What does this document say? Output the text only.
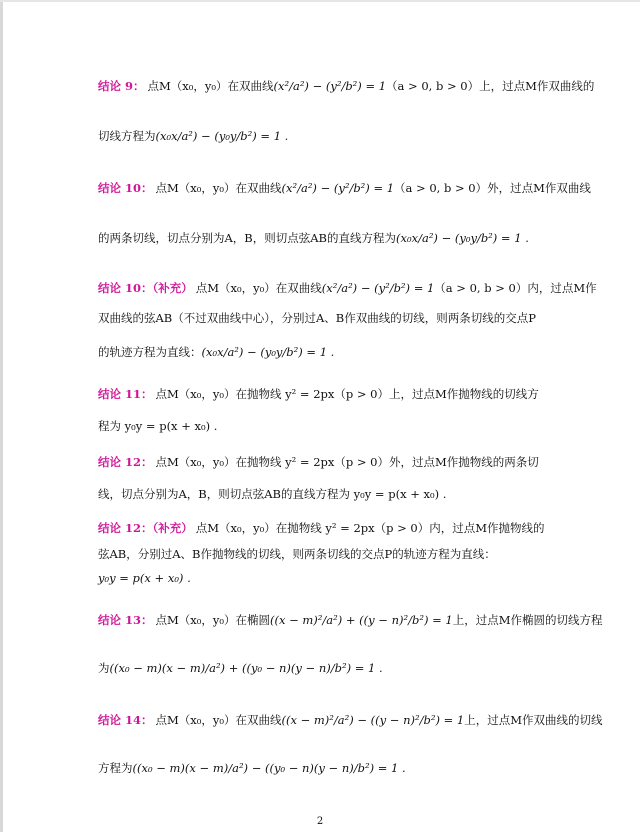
结论 9： 点M（x₀，y₀）在双曲线 (x²/a²) − (y²/b²) = 1 （a > 0, b > 0）上，过点M作双曲线的
切线方程为 (x₀x/a²) − (y₀y/b²) = 1 .
结论 10： 点M（x₀，y₀）在双曲线 (x²/a²) − (y²/b²) = 1 （a > 0, b > 0）外，过点M作双曲线
的两条切线，切点分别为A，B，则切点弦AB的直线方程为 (x₀x/a²) − (y₀y/b²) = 1 .
结论 10：（补充） 点M（x₀，y₀）在双曲线 (x²/a²) − (y²/b²) = 1 （a > 0, b > 0）内，过点M作
双曲线的弦AB（不过双曲线中心），分别过A、B作双曲线的切线，则两条切线的交点P
的轨迹方程为直线： (x₀x/a²) − (y₀y/b²) = 1 .
结论 11： 点M（x₀，y₀）在抛物线 y² = 2px（p > 0）上，过点M作抛物线的切线方
程为 y₀y = p(x + x₀) .
结论 12： 点M（x₀，y₀）在抛物线 y² = 2px（p > 0）外，过点M作抛物线的两条切
线，切点分别为A，B，则切点弦AB的直线方程为 y₀y = p(x + x₀) .
结论 12：（补充） 点M（x₀，y₀）在抛物线 y² = 2px（p > 0）内，过点M作抛物线的
弦AB，分别过A、B作抛物线的切线，则两条切线的交点P的轨迹方程为直线：
y₀y = p(x + x₀) .
结论 13： 点M（x₀，y₀）在椭圆 ((x − m)²/a²) + ((y − n)²/b²) = 1 上，过点M作椭圆的切线方程
为 ((x₀ − m)(x − m)/a²) + ((y₀ − n)(y − n)/b²) = 1 .
结论 14： 点M（x₀，y₀）在双曲线 ((x − m)²/a²) − ((y − n)²/b²) = 1 上，过点M作双曲线的切线
方程为 ((x₀ − m)(x − m)/a²) − ((y₀ − n)(y − n)/b²) = 1 .
2
